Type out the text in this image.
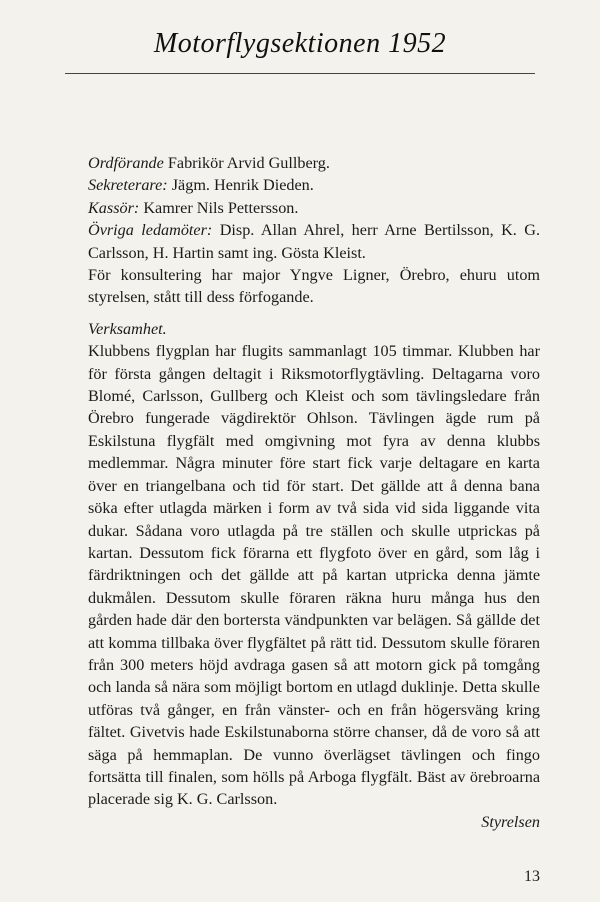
Motorflygsektionen 1952

Ordförande Fabrikör Arvid Gullberg.

Sekreterare: Jägm. Henrik Dieden.

Kassör: Kamrer Nils Pettersson.

Övriga ledamöter: Disp. Allan Ahrel, herr Arne Bertilsson, K. G. Carlsson, H. Hartin samt ing. Gösta Kleist.

För konsultering har major Yngve Ligner, Örebro, ehuru utom styrelsen, stått till dess förfogande.

Verksamhet.

Klubbens flygplan har flugits sammanlagt 105 timmar. Klubben har för första gången deltagit i Riksmotorflygtävling. Deltagarna voro Blomé, Carlsson, Gullberg och Kleist och som tävlingsledare från Örebro fungerade vägdirektör Ohlson. Tävlingen ägde rum på Eskilstuna flygfält med omgivning mot fyra av denna klubbs medlemmar. Några minuter före start fick varje deltagare en karta över en triangelbana och tid för start. Det gällde att å denna bana söka efter utlagda märken i form av två sida vid sida liggande vita dukar. Sådana voro utlagda på tre ställen och skulle utprickas på kartan. Dessutom fick förarna ett flygfoto över en gård, som låg i färdriktningen och det gällde att på kartan utpricka denna jämte dukmålen. Dessutom skulle föraren räkna huru många hus den gården hade där den bortersta vändpunkten var belägen. Så gällde det att komma tillbaka över flygfältet på rätt tid. Dessutom skulle föraren från 300 meters höjd avdraga gasen så att motorn gick på tomgång och landa så nära som möjligt bortom en utlagd duklinje. Detta skulle utföras två gånger, en från vänster- och en från högersväng kring fältet. Givetvis hade Eskilstunaborna större chanser, då de voro så att säga på hemmaplan. De vunno överlägset tävlingen och fingo fortsätta till finalen, som hölls på Arboga flygfält. Bäst av örebroarna placerade sig K. G. Carlsson.

Styrelsen

13
